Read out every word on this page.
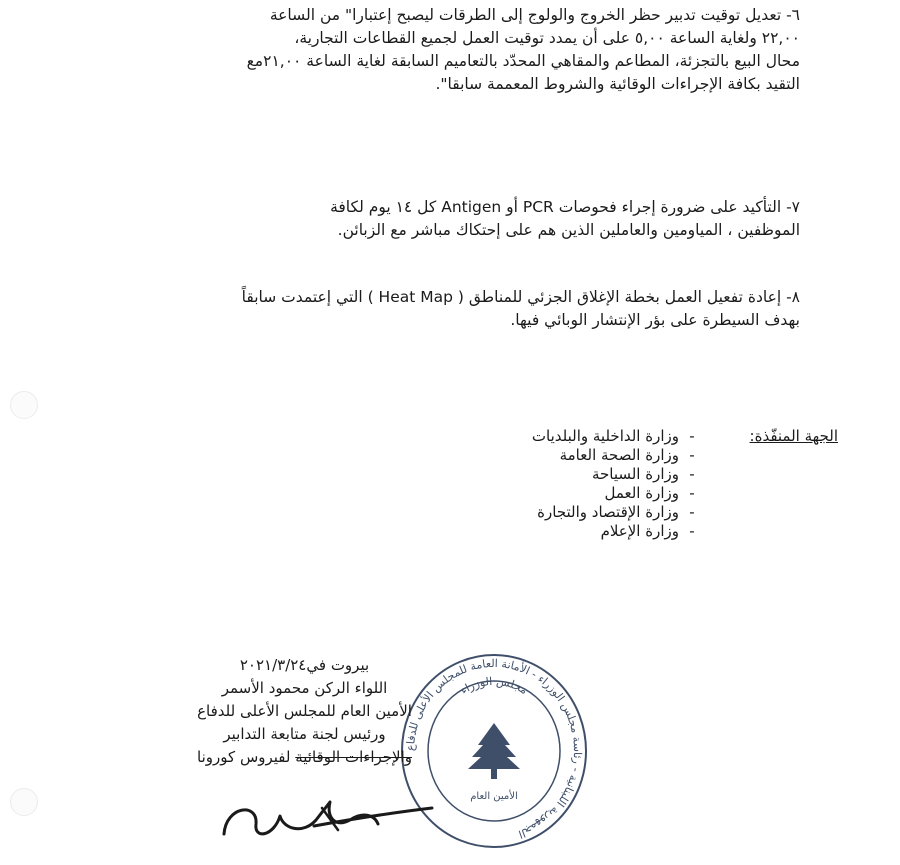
٦- تعديل توقيت تدبير حظر الخروج والولوج إلى الطرقات ليصبح إعتبارا" من الساعة
٢٢,٠٠ ولغاية الساعة ٥,٠٠ على أن يمدد توقيت العمل لجميع القطاعات التجارية،
محال البيع بالتجزئة، المطاعم والمقاهي المحدّد بالتعاميم السابقة لغاية الساعة ٢١,٠٠مع
التقيد بكافة الإجراءات الوقائية والشروط المعممة سابقا".
٧- التأكيد على ضرورة إجراء فحوصات PCR أو Antigen كل ١٤ يوم لكافة
الموظفين ، المياومين والعاملين الذين هم على إحتكاك مباشر مع الزبائن.
٨- إعادة تفعيل العمل بخطة الإغلاق الجزئي للمناطق ( Heat Map ) التي إعتمدت سابقاً
بهدف السيطرة على بؤر الإنتشار الوبائي فيها.
الجهة المنفّذة:
-وزارة الداخلية والبلديات
-وزارة الصحة العامة
-وزارة السياحة
-وزارة العمل
-وزارة الإقتصاد والتجارة
-وزارة الإعلام
الجمهورية اللبنانية - رئاسة مجلس الوزراء - الأمانة العامة للمجلس الأعلى للدفاع
مجلس الوزراء
الأمين العام
بيروت في٢٠٢١/٣/٢٤
اللواء الركن محمود الأسمر
الأمين العام للمجلس الأعلى للدفاع
ورئيس لجنة متابعة التدابير
والإجراءات الوقائية لفيروس كورونا
